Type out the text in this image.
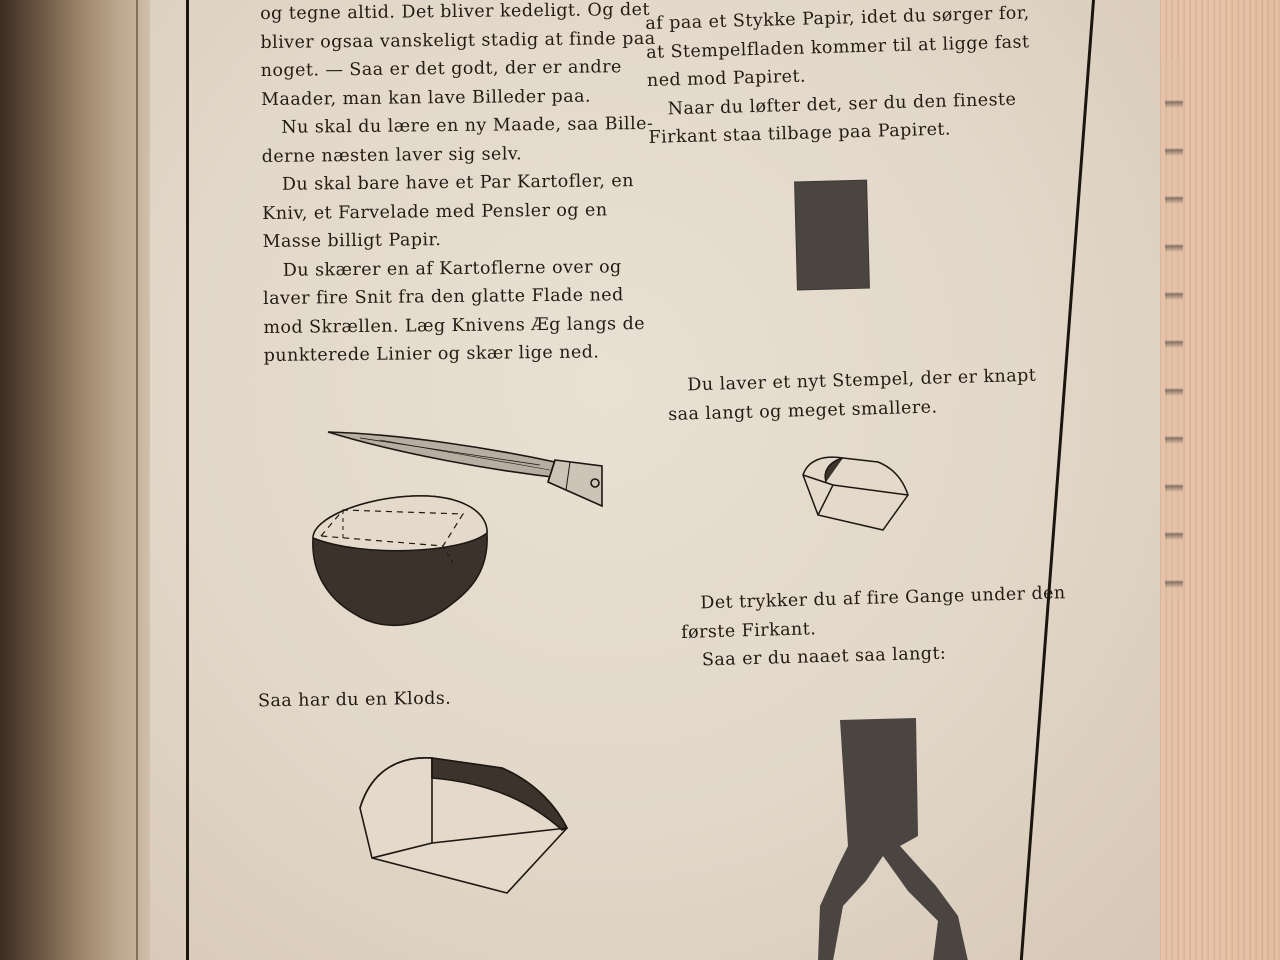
og tegne altid. Det bliver kedeligt. Og det
bliver ogsaa vanskeligt stadig at finde paa
noget. — Saa er det godt, der er andre
Maader, man kan lave Billeder paa.
Nu skal du lære en ny Maade, saa Bille-
derne næsten laver sig selv.
Du skal bare have et Par Kartofler, en
Kniv, et Farvelade med Pensler og en
Masse billigt Papir.
Du skærer en af Kartoflerne over og
laver fire Snit fra den glatte Flade ned
mod Skrællen. Læg Knivens Æg langs de
punkterede Linier og skær lige ned.
Saa har du en Klods.
af paa et Stykke Papir, idet du sørger for,
at Stempelfladen kommer til at ligge fast
ned mod Papiret.
Naar du løfter det, ser du den fineste
Firkant staa tilbage paa Papiret.
Du laver et nyt Stempel, der er knapt
saa langt og meget smallere.
Det trykker du af fire Gange under den
første Firkant.
Saa er du naaet saa langt:
